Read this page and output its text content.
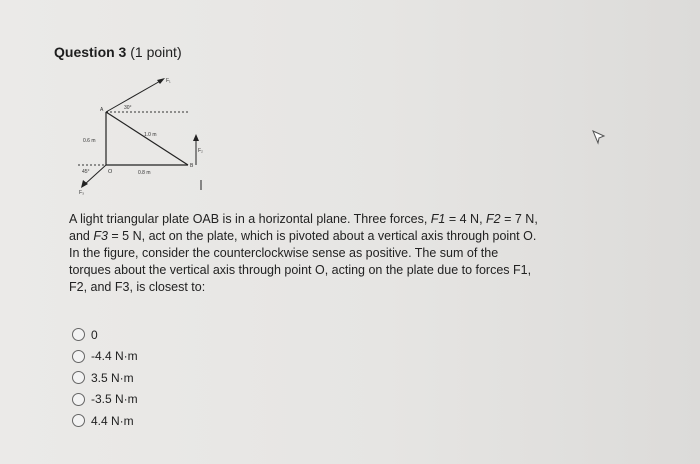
Question 3 (1 point)
30°
1.0 m
0.6 m
0.8 m
45°	O
A
B
F₁
F₂
F₃
A light triangular plate OAB is in a horizontal plane. Three forces, F1 = 4 N, F2 = 7 N,
and F3 = 5 N, act on the plate, which is pivoted about a vertical axis through point O.
In the figure, consider the counterclockwise sense as positive. The sum of the
torques about the vertical axis through point O, acting on the plate due to forces F1,
F2, and F3, is closest to:
0
-4.4 N·m
3.5 N·m
-3.5 N·m
4.4 N·m
